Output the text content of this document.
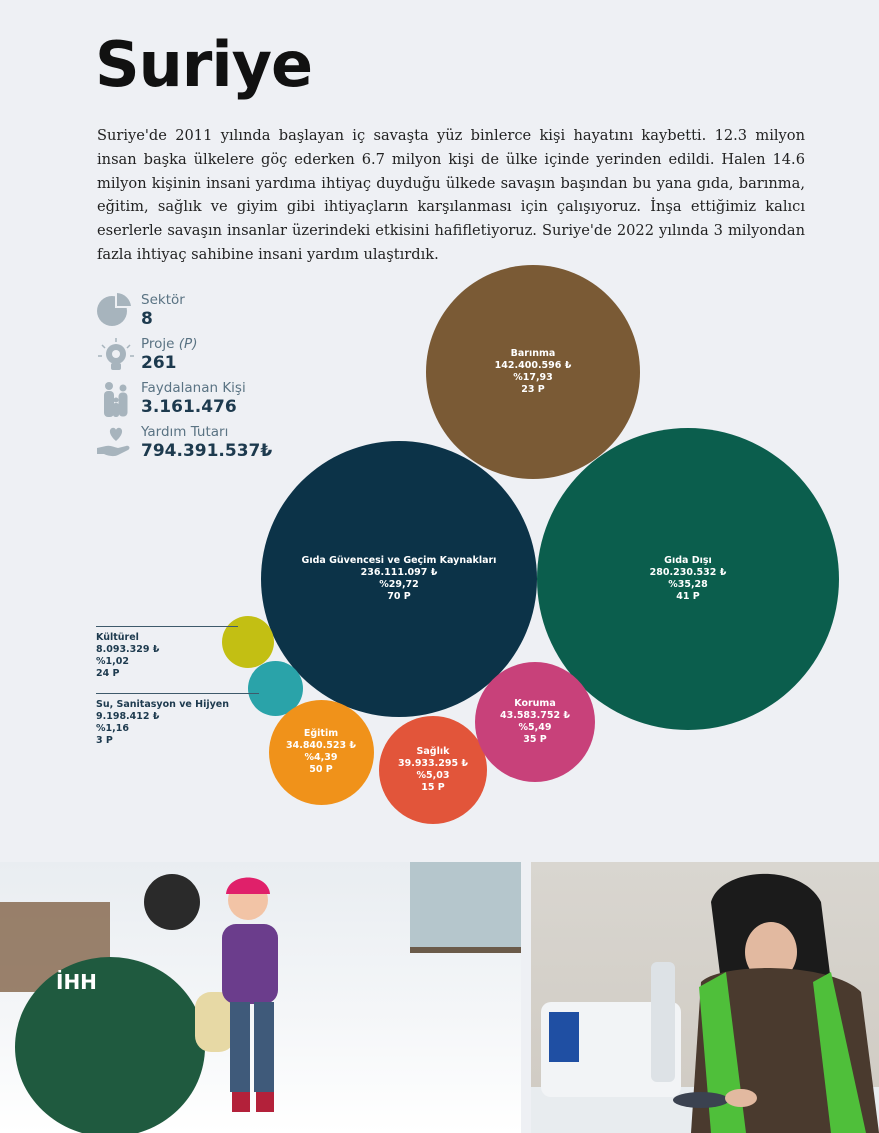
Suriye

Suriye'de 2011 yılında başlayan iç savaşta yüz binlerce kişi hayatını kaybetti. 12.3 milyon insan başka ülkelere göç ederken 6.7 milyon kişi de ülke içinde yerinden edildi. Halen 14.6 milyon kişinin insani yardıma ihtiyaç duyduğu ülkede savaşın başından bu yana gıda, barınma, eğitim, sağlık ve giyim gibi ihtiyaçların karşılanması için çalışıyoruz. İnşa ettiğimiz kalıcı eserlerle savaşın insanlar üzerindeki etkisini hafifletiyoruz. Suriye'de 2022 yılında 3 milyondan fazla ihtiyaç sahibine insani yardım ulaştırdık.

Sektör
8
Proje (P)
261
Faydalanan Kişi
3.161.476
Yardım Tutarı
794.391.537₺
Barınma
142.400.596 ₺
%17,93
23 P
Gıda Güvencesi ve Geçim Kaynakları
236.111.097 ₺
%29,72
70 P
Gıda Dışı
280.230.532 ₺
%35,28
41 P
Eğitim
34.840.523 ₺
%4,39
50 P
Sağlık
39.933.295 ₺
%5,03
15 P
Koruma
43.583.752 ₺
%5,49
35 P
Kültürel
8.093.329 ₺
%1,02
24 P
Su, Sanitasyon ve Hijyen
9.198.412 ₺
%1,16
3 P
İHH
